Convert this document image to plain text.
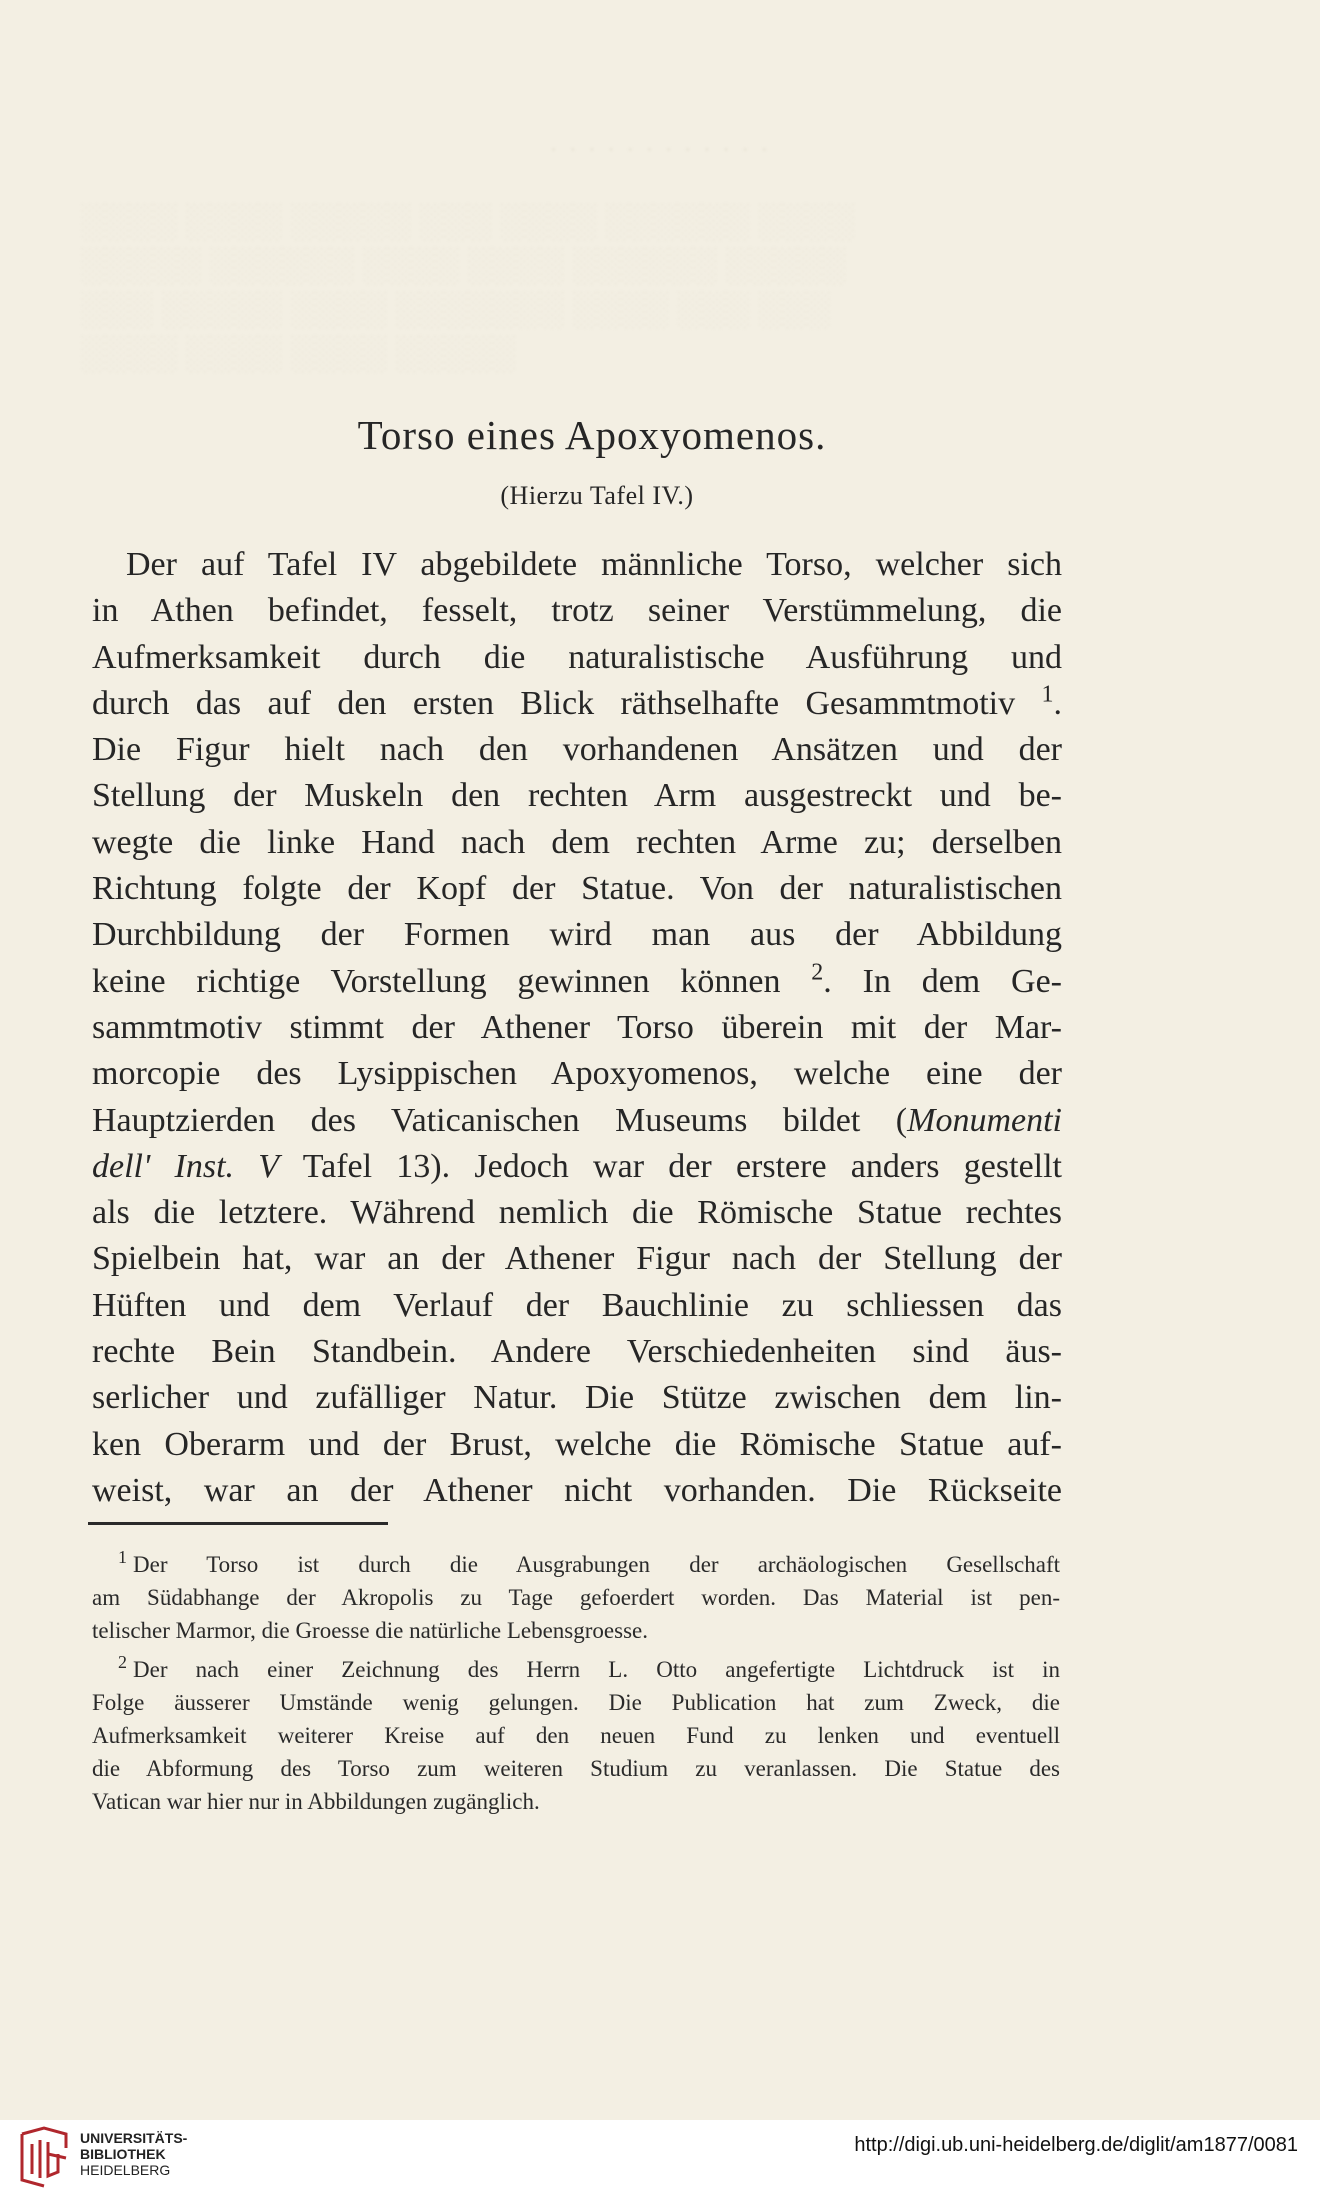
· · · · · · · · · · · ·
░░░░ ░░░░ ░░░░░ ░░░ ░░░░ ░░░░░░ ░░░░
░░░░░ ░░░░░░ ░░░░ ░░░░ ░░░░░░ ░░░░░
░░░ ░░░░░ ░░░░ ░░░░░░░ ░░░░ ░░░ ░░░
░░░░ ░░░░ ░░░░ ░░░░░
Torso eines Apoxyomenos.

(Hierzu Tafel IV.)

Der auf Tafel IV abgebildete männliche Torso, welcher sich
in Athen befindet, fesselt, trotz seiner Verstümmelung, die
Aufmerksamkeit durch die naturalistische Ausführung und
durch das auf den ersten Blick räthselhafte Gesammtmotiv $^1$.
Die Figur hielt nach den vorhandenen Ansätzen und der
Stellung der Muskeln den rechten Arm ausgestreckt und be-
wegte die linke Hand nach dem rechten Arme zu; derselben
Richtung folgte der Kopf der Statue. Von der naturalistischen
Durchbildung der Formen wird man aus der Abbildung
keine richtige Vorstellung gewinnen können $^2$. In dem Ge-
sammtmotiv stimmt der Athener Torso überein mit der Mar-
morcopie des Lysippischen Apoxyomenos, welche eine der
Hauptzierden des Vaticanischen Museums bildet (Monumenti
dell' Inst. V Tafel 13). Jedoch war der erstere anders gestellt
als die letztere. Während nemlich die Römische Statue rechtes
Spielbein hat, war an der Athener Figur nach der Stellung der
Hüften und dem Verlauf der Bauchlinie zu schliessen das
rechte Bein Standbein. Andere Verschiedenheiten sind äus-
serlicher und zufälliger Natur. Die Stütze zwischen dem lin-
ken Oberarm und der Brust, welche die Römische Statue auf-
weist, war an der Athener nicht vorhanden. Die Rückseite
$^1$ Der Torso ist durch die Ausgrabungen der archäologischen Gesellschaft
am Südabhange der Akropolis zu Tage gefoerdert worden. Das Material ist pen-
telischer Marmor, die Groesse die natürliche Lebensgroesse.
$^2$ Der nach einer Zeichnung des Herrn L. Otto angefertigte Lichtdruck ist in
Folge äusserer Umstände wenig gelungen. Die Publication hat zum Zweck, die
Aufmerksamkeit weiterer Kreise auf den neuen Fund zu lenken und eventuell
die Abformung des Torso zum weiteren Studium zu veranlassen. Die Statue des
Vatican war hier nur in Abbildungen zugänglich.
UNIVERSITÄTS-
BIBLIOTHEK
HEIDELBERG
http://digi.ub.uni-heidelberg.de/diglit/am1877/0081
